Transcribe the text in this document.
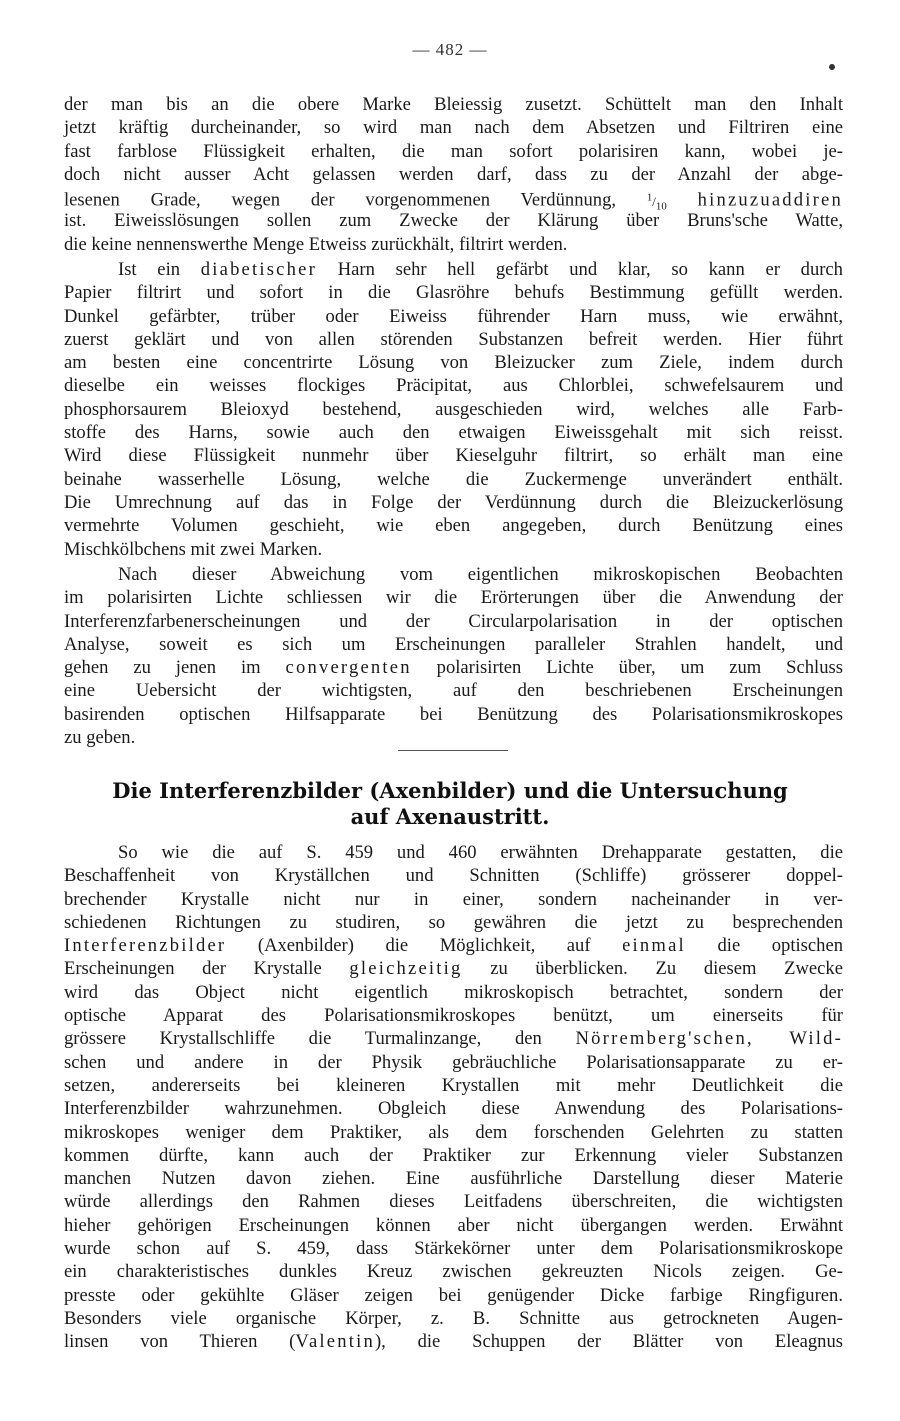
— 482 —
der man bis an die obere Marke Bleiessig zusetzt. Schüttelt man den Inhalt
jetzt kräftig durcheinander, so wird man nach dem Absetzen und Filtriren eine
fast farblose Flüssigkeit erhalten, die man sofort polarisiren kann, wobei je-
doch nicht ausser Acht gelassen werden darf, dass zu der Anzahl der abge-
lesenen Grade, wegen der vorgenommenen Verdünnung,	$^1/_{10}$ hinzuzuaddiren
ist. Eiweisslösungen sollen zum Zwecke der Klärung über Bruns'sche Watte,
die keine nennenswerthe Menge Etweiss zurückhält, filtrirt werden.
Ist ein diabetischer Harn sehr hell gefärbt und klar, so kann er durch
Papier filtrirt und sofort in die Glasröhre behufs Bestimmung gefüllt werden.
Dunkel gefärbter, trüber oder Eiweiss führender Harn muss, wie erwähnt,
zuerst geklärt und von allen störenden Substanzen befreit werden. Hier führt
am besten eine concentrirte Lösung von Bleizucker zum Ziele, indem durch
dieselbe ein weisses flockiges Präcipitat, aus Chlorblei, schwefelsaurem und
phosphorsaurem Bleioxyd bestehend, ausgeschieden wird, welches alle Farb-
stoffe des Harns, sowie auch den etwaigen Eiweissgehalt mit sich reisst.
Wird diese Flüssigkeit nunmehr über Kieselguhr filtrirt, so erhält man eine
beinahe wasserhelle Lösung, welche die Zuckermenge unverändert enthält.
Die Umrechnung auf das in Folge der Verdünnung durch die Bleizuckerlösung
vermehrte Volumen geschieht, wie eben angegeben, durch Benützung eines
Mischkölbchens mit zwei Marken.
Nach dieser Abweichung vom eigentlichen mikroskopischen Beobachten
im polarisirten Lichte schliessen wir die Erörterungen über die Anwendung der
Interferenzfarbenerscheinungen und der Circularpolarisation in der optischen
Analyse, soweit es sich um Erscheinungen paralleler Strahlen handelt, und
gehen zu jenen im convergenten polarisirten Lichte über, um zum Schluss
eine Uebersicht der wichtigsten, auf den beschriebenen Erscheinungen
basirenden optischen Hilfsapparate bei Benützung des Polarisationsmikroskopes
zu geben.
Die Interferenzbilder (Axenbilder) und die Untersuchung
auf Axenaustritt.
So wie die auf S. 459 und 460 erwähnten Drehapparate gestatten, die
Beschaffenheit von Kryställchen und Schnitten (Schliffe) grösserer doppel-
brechender Krystalle nicht nur in einer, sondern nacheinander in ver-
schiedenen Richtungen zu studiren, so gewähren die jetzt zu besprechenden
Interferenzbilder (Axenbilder) die Möglichkeit, auf einmal die optischen
Erscheinungen der Krystalle gleichzeitig zu überblicken. Zu diesem Zwecke
wird das Object nicht eigentlich mikroskopisch betrachtet, sondern der
optische Apparat des Polarisationsmikroskopes benützt, um einerseits für
grössere Krystallschliffe die Turmalinzange, den Nörremberg'schen, Wild-
schen und andere in der Physik gebräuchliche Polarisationsapparate zu er-
setzen, andererseits bei kleineren Krystallen mit mehr Deutlichkeit die
Interferenzbilder wahrzunehmen. Obgleich diese Anwendung des Polarisations-
mikroskopes weniger dem Praktiker, als dem forschenden Gelehrten zu statten
kommen dürfte, kann auch der Praktiker zur Erkennung vieler Substanzen
manchen Nutzen davon ziehen. Eine ausführliche Darstellung dieser Materie
würde allerdings den Rahmen dieses Leitfadens überschreiten, die wichtigsten
hieher gehörigen Erscheinungen können aber nicht übergangen werden. Erwähnt
wurde schon auf S. 459, dass Stärkekörner unter dem Polarisationsmikroskope
ein charakteristisches dunkles Kreuz zwischen gekreuzten Nicols zeigen. Ge-
presste oder gekühlte Gläser zeigen bei genügender Dicke farbige Ringfiguren.
Besonders viele organische Körper, z. B. Schnitte aus getrockneten Augen-
linsen von Thieren (Valentin), die Schuppen der Blätter von Eleagnus
